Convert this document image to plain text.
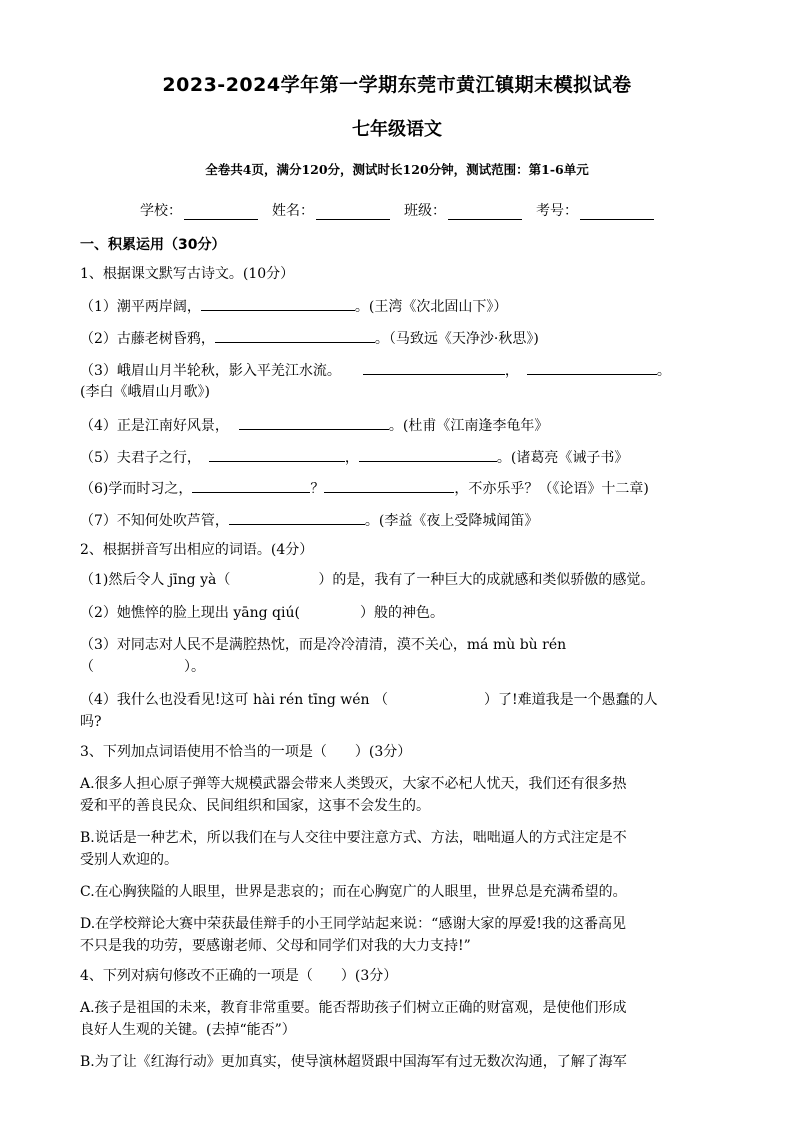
2023-2024学年第一学期东莞市黄江镇期末模拟试卷
七年级语文
全卷共4页，满分120分，测试时长120分钟，测试范围：第1-6单元
学校：	姓名：	班级：	考号：
一、积累运用（30分）
1、根据课文默写古诗文。(10分）
（1）潮平两岸阔，	。(王湾《次北固山下》）
（2）古藤老树昏鸦，	。（马致远《天净沙·秋思》)
（3）峨眉山月半轮秋，影入平羌江水流。	，	。
(李白《峨眉山月歌》)
（4）正是江南好风景，	。(杜甫《江南逢李龟年》
（5）夫君子之行，	，	。(诸葛亮《诫子书》
（6)学而时习之，	？	，不亦乐乎？（《论语》十二章)
（7）不知何处吹芦管，	。(李益《夜上受降城闻笛》
2、根据拼音写出相应的词语。(4分）
（1)然后令人 jīng yà（	）的是，我有了一种巨大的成就感和类似骄傲的感觉。
（2）她憔悴的脸上现出 yāng qiú(	）般的神色。
（3）对同志对人民不是满腔热忱，而是冷冷清清，漠不关心，má mù bù rén
（	）。
（4）我什么也没看见!这可 hài rén tīng wén （	）了!难道我是一个愚蠢的人
吗?
3、下列加点词语使用不恰当的一项是（　　）(3分）
A.很多人担心原子弹等大规模武器会带来人类毁灭，大家不必杞人忧天，我们还有很多热
爱和平的善良民众、民间组织和国家，这事不会发生的。
B.说话是一种艺术，所以我们在与人交往中要注意方式、方法，咄咄逼人的方式注定是不
受别人欢迎的。
C.在心胸狭隘的人眼里，世界是悲哀的；而在心胸宽广的人眼里，世界总是充满希望的。
D.在学校辩论大赛中荣获最佳辩手的小王同学站起来说：“感谢大家的厚爱!我的这番高见
不只是我的功劳，要感谢老师、父母和同学们对我的大力支持!”
4、下列对病句修改不正确的一项是（　　）(3分）
A.孩子是祖国的未来，教育非常重要。能否帮助孩子们树立正确的财富观，是使他们形成
良好人生观的关键。(去掉“能否”）
B.为了让《红海行动》更加真实，使导演林超贤跟中国海军有过无数次沟通，了解了海军
